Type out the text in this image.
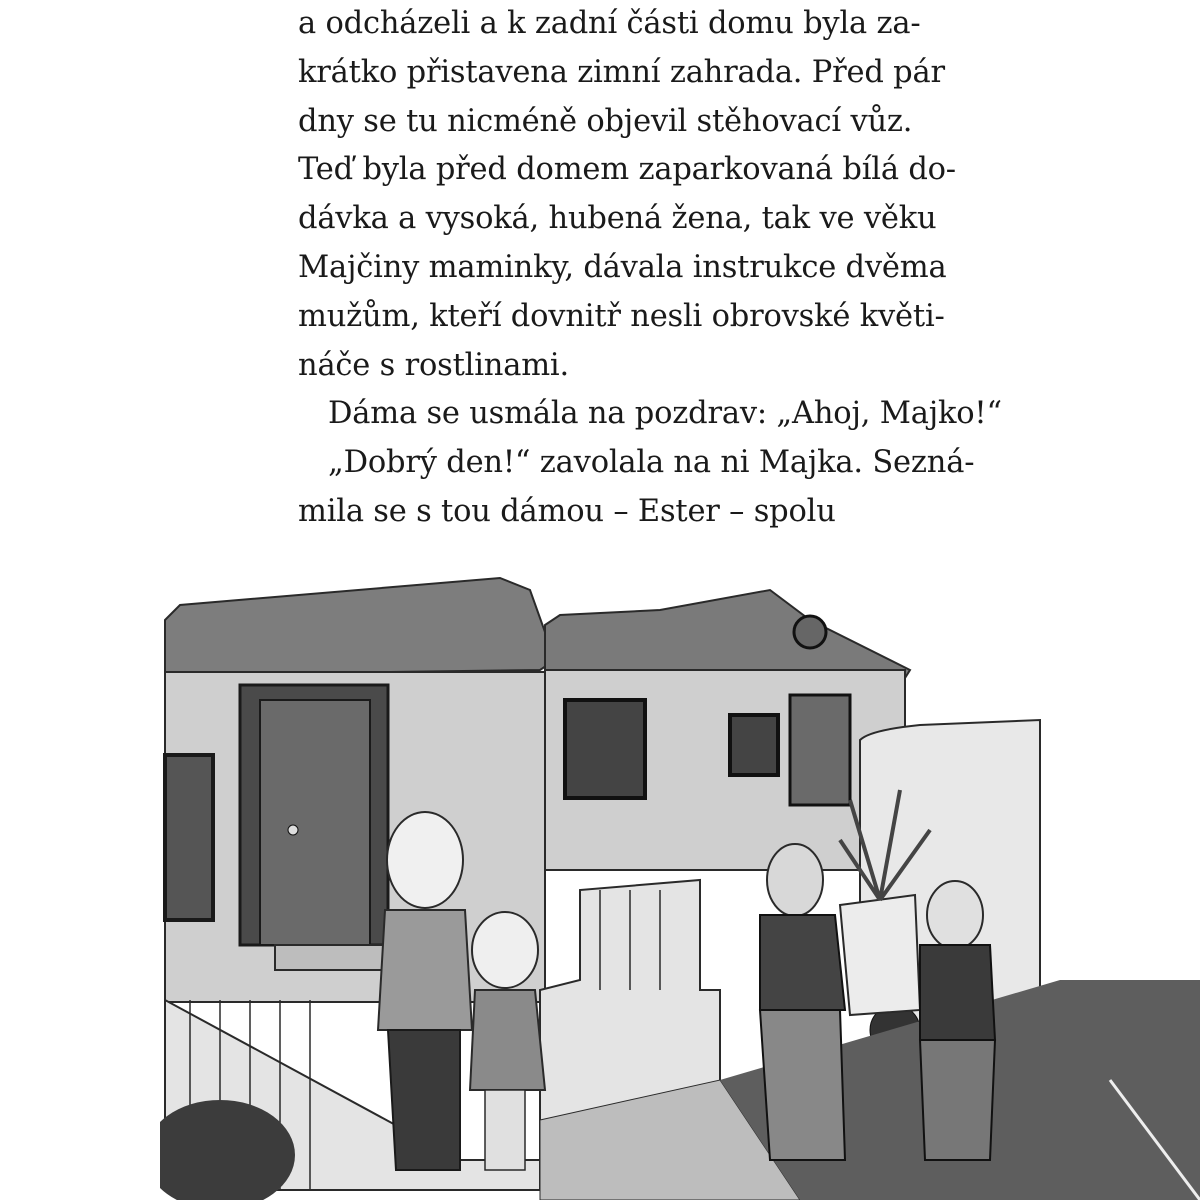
a odcházeli a k zadní části domu byla za-
krátko přistavena zimní zahrada. Před pár
dny se tu nicméně objevil stěhovací vůz.
Teď byla před domem zaparkovaná bílá do-
dávka a vysoká, hubená žena, tak ve věku
Majčiny maminky, dávala instrukce dvěma
mužům, kteří dovnitř nesli obrovské květi-
náče s rostlinami.
Dáma se usmála na pozdrav: „Ahoj, Majko!“
„Dobrý den!“ zavolala na ni Majka. Sezná-
mila se s tou dámou – Ester – spolu
